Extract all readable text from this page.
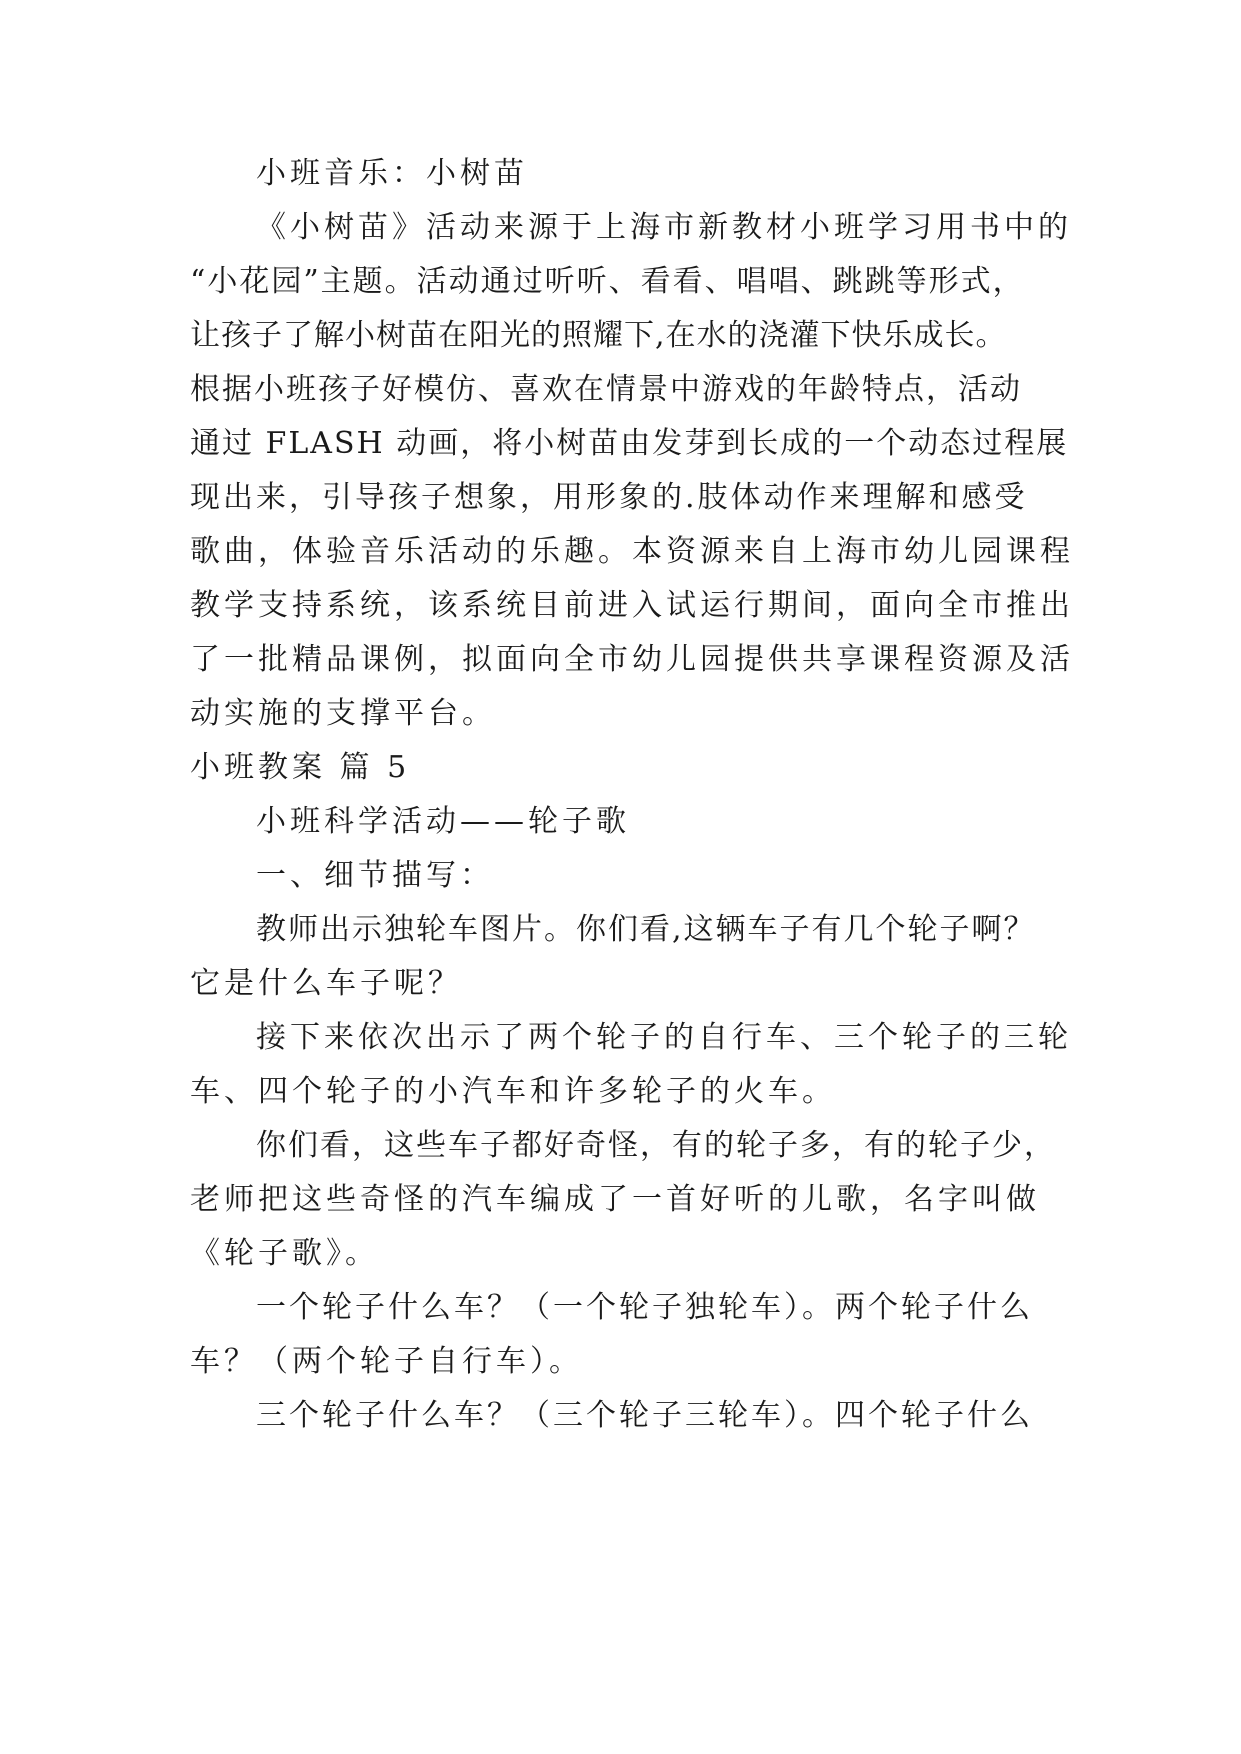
小班音乐：小树苗
《小树苗》活动来源于上海市新教材小班学习用书中的
“小花园”主题。活动通过听听、看看、唱唱、跳跳等形式，
让孩子了解小树苗在阳光的照耀下,在水的浇灌下快乐成长。
根据小班孩子好模仿、喜欢在情景中游戏的年龄特点，活动
通过 FLASH 动画，将小树苗由发芽到长成的一个动态过程展
现出来，引导孩子想象，用形象的.肢体动作来理解和感受
歌曲，体验音乐活动的乐趣。本资源来自上海市幼儿园课程
教学支持系统，该系统目前进入试运行期间，面向全市推出
了一批精品课例，拟面向全市幼儿园提供共享课程资源及活
动实施的支撑平台。
小班教案 篇 5
小班科学活动——轮子歌
一、细节描写：
教师出示独轮车图片。你们看,这辆车子有几个轮子啊？
它是什么车子呢？
接下来依次出示了两个轮子的自行车、三个轮子的三轮
车、四个轮子的小汽车和许多轮子的火车。
你们看，这些车子都好奇怪，有的轮子多，有的轮子少，
老师把这些奇怪的汽车编成了一首好听的儿歌，名字叫做
《轮子歌》。
一个轮子什么车？（一个轮子独轮车）。两个轮子什么
车？（两个轮子自行车）。
三个轮子什么车？（三个轮子三轮车）。四个轮子什么
